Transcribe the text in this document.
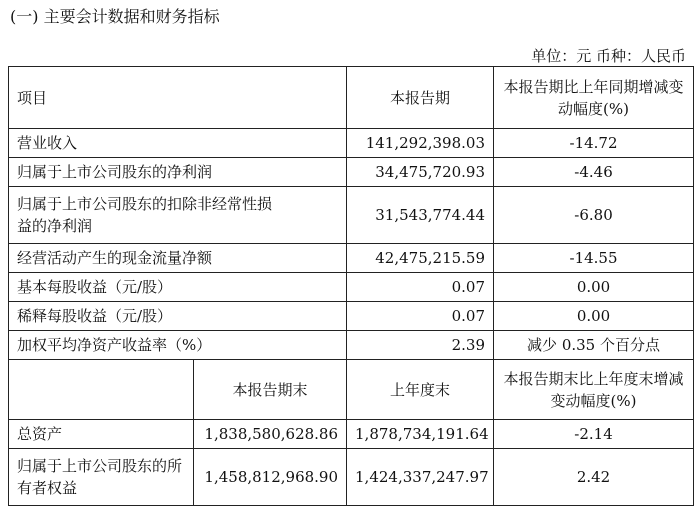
(一) 主要会计数据和财务指标
单位：元 币种：人民币
项目		本报告期	本报告期比上年同期增减变动幅度(%)
营业收入		141,292,398.03	-14.72
归属于上市公司股东的净利润		34,475,720.93	-4.46
归属于上市公司股东的扣除非经常性损益的净利润		31,543,774.44	-6.80
经营活动产生的现金流量净额		42,475,215.59	-14.55
基本每股收益（元/股）		0.07	0.00
稀释每股收益（元/股）		0.07	0.00
加权平均净资产收益率（%）		2.39	减少 0.35 个百分点
	本报告期末	上年度末	本报告期末比上年度末增减变动幅度(%)
总资产	1,838,580,628.86	1,878,734,191.64	-2.14
归属于上市公司股东的所有者权益	1,458,812,968.90	1,424,337,247.97	2.42
